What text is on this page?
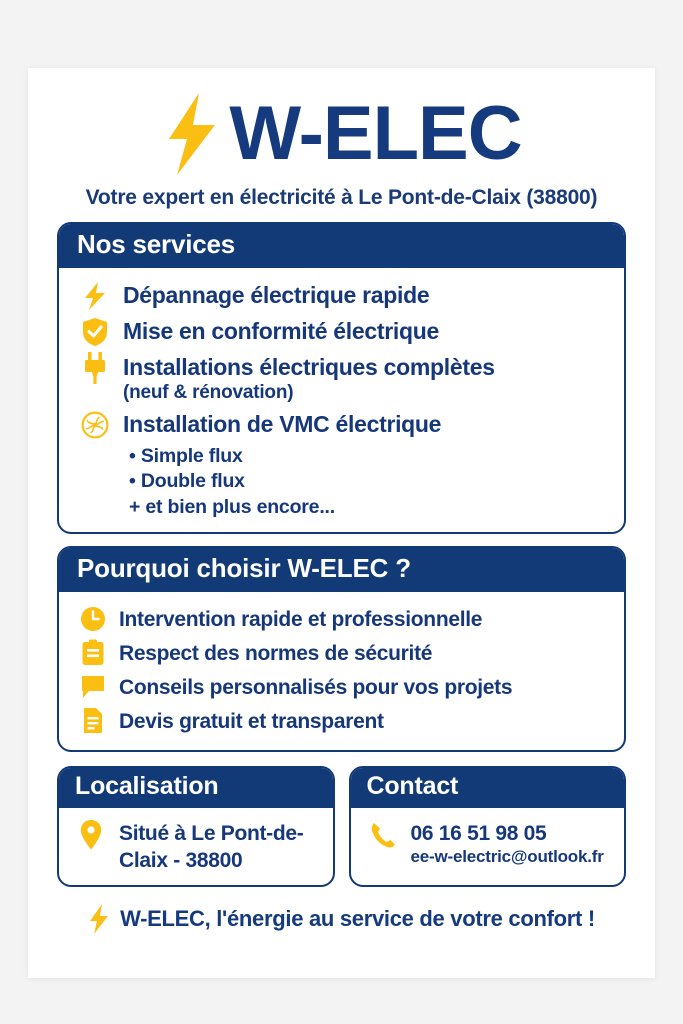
W-ELEC
Votre expert en électricité à Le Pont-de-Claix (38800)
Nos services
Dépannage électrique rapide
Mise en conformité électrique
Installations électriques complètes
(neuf & rénovation)
Installation de VMC électrique
• Simple flux
• Double flux
+ et bien plus encore...
Pourquoi choisir W-ELEC ?
Intervention rapide et professionnelle
Respect des normes de sécurité
Conseils personnalisés pour vos projets
Devis gratuit et transparent
Localisation
Situé à Le Pont-de-
Claix - 38800
Contact
06 16 51 98 05
ee-w-electric@outlook.fr
W-ELEC, l'énergie au service de votre confort !
